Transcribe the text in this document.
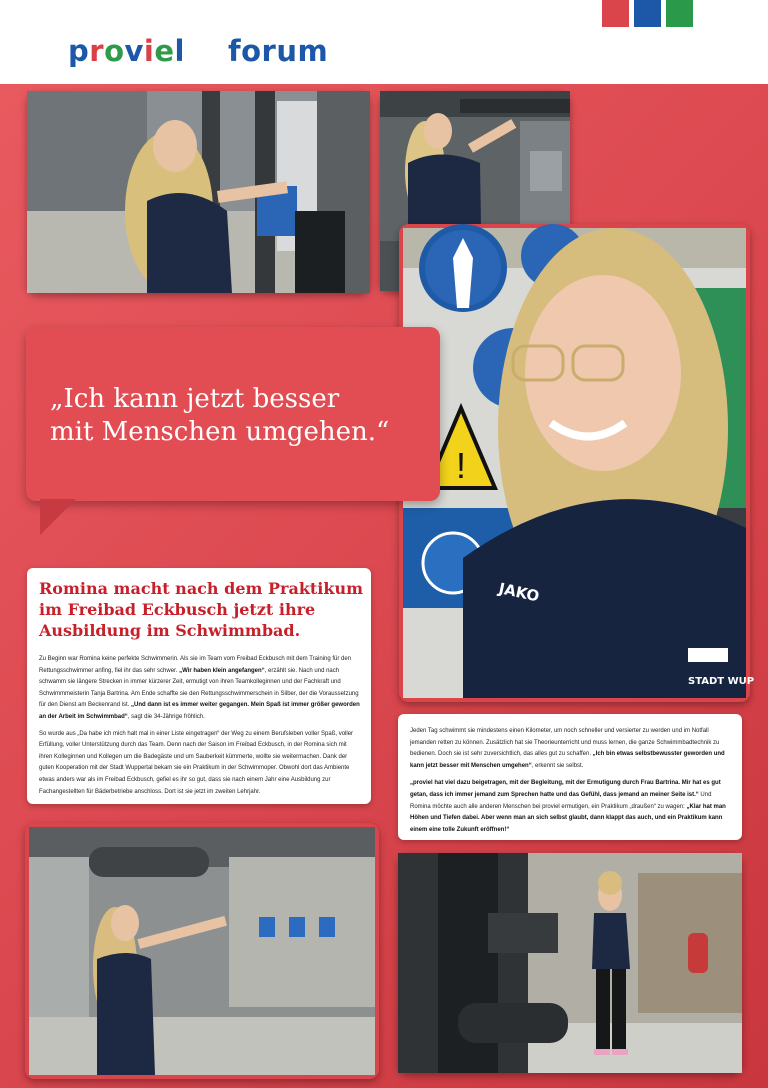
proviel forum
!
JAKO
STADT WUP
„Ich kann jetzt besser
mit Menschen umgehen.“
Romina macht nach dem Praktikum
im Freibad Eckbusch jetzt ihre
Ausbildung im Schwimmbad.

Zu Beginn war Romina keine perfekte Schwimmerin. Als sie im Team vom Freibad Eckbusch mit dem Training für den Rettungsschwimmer anfing, fiel ihr das sehr schwer. „Wir haben klein angefangen“, erzählt sie. Nach und nach schwamm sie längere Strecken in immer kürzerer Zeit, ermutigt von ihren Teamkolleginnen und der Fachkraft und Schwimmmeisterin Tanja Bartrina. Am Ende schaffte sie den Rettungsschwimmerschein in Silber, der die Voraussetzung für den Dienst am Beckenrand ist. „Und dann ist es immer weiter gegangen. Mein Spaß ist immer größer geworden an der Arbeit im Schwimmbad“, sagt die 34-Jährige fröhlich.

So wurde aus „Da habe ich mich halt mal in einer Liste eingetragen“ der Weg zu einem Berufsleben voller Spaß, voller Erfüllung, voller Unterstützung durch das Team. Denn nach der Saison im Freibad Eckbusch, in der Romina sich mit ihren Kolleginnen und Kollegen um die Badegäste und um Sauberkeit kümmerte, wollte sie weitermachen. Dank der guten Kooperation mit der Stadt Wuppertal bekam sie ein Praktikum in der Schwimmoper. Obwohl dort das Ambiente etwas anders war als im Freibad Eckbusch, gefiel es ihr so gut, dass sie nach einem Jahr eine Ausbildung zur Fachangestellten für Bäderbetriebe anschloss. Dort ist sie jetzt im zweiten Lehrjahr.

Jeden Tag schwimmt sie mindestens einen Kilometer, um noch schneller und versierter zu werden und im Notfall jemanden retten zu können. Zusätzlich hat sie Theorieunterricht und muss lernen, die ganze Schwimmbadtechnik zu bedienen. Doch sie ist sehr zuversichtlich, das alles gut zu schaffen. „Ich bin etwas selbstbewusster geworden und kann jetzt besser mit Menschen umgehen“, erkennt sie selbst.

„proviel hat viel dazu beigetragen, mit der Begleitung, mit der Ermutigung durch Frau Bartrina. Mir hat es gut getan, dass ich immer jemand zum Sprechen hatte und das Gefühl, dass jemand an meiner Seite ist.“ Und Romina möchte auch alle anderen Menschen bei proviel ermutigen, ein Praktikum „draußen“ zu wagen: „Klar hat man Höhen und Tiefen dabei. Aber wenn man an sich selbst glaubt, dann klappt das auch, und ein Praktikum kann einem eine tolle Zukunft eröffnen!“
